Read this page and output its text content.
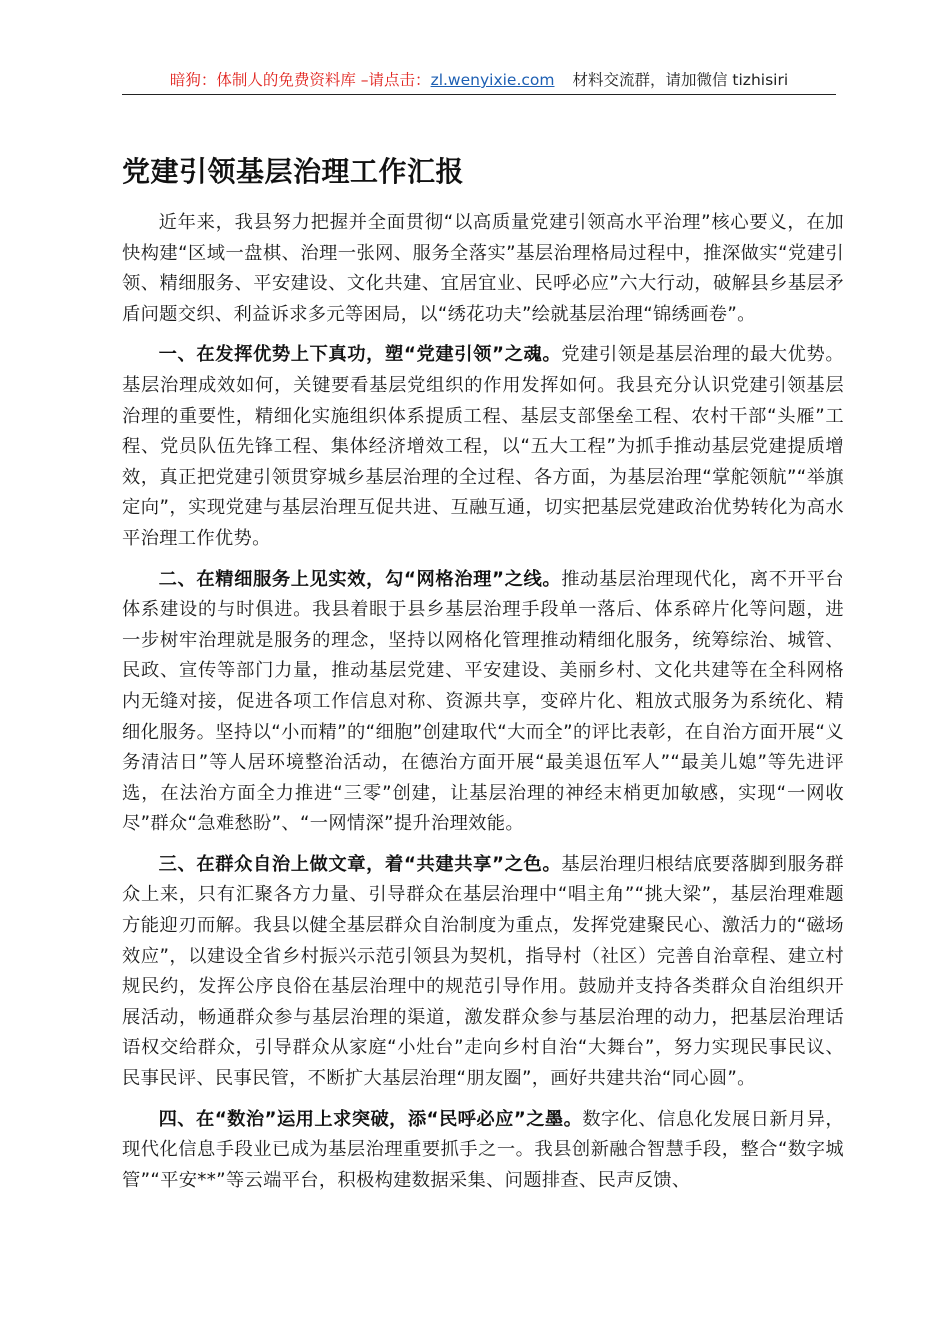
暗狗：体制人的免费资料库 –请点击：zl.wenyixie.com 材料交流群，请加微信 tizhisiri
党建引领基层治理工作汇报

近年来，我县努力把握并全面贯彻“以高质量党建引领高水平治理”核心要义，在加快构建“区域一盘棋、治理一张网、服务全落实”基层治理格局过程中，推深做实“党建引领、精细服务、平安建设、文化共建、宜居宜业、民呼必应”六大行动，破解县乡基层矛盾问题交织、利益诉求多元等困局，以“绣花功夫”绘就基层治理“锦绣画卷”。

一、在发挥优势上下真功，塑“党建引领”之魂。党建引领是基层治理的最大优势。基层治理成效如何，关键要看基层党组织的作用发挥如何。我县充分认识党建引领基层治理的重要性，精细化实施组织体系提质工程、基层支部堡垒工程、农村干部“头雁”工程、党员队伍先锋工程、集体经济增效工程，以“五大工程”为抓手推动基层党建提质增效，真正把党建引领贯穿城乡基层治理的全过程、各方面，为基层治理“掌舵领航”“举旗定向”，实现党建与基层治理互促共进、互融互通，切实把基层党建政治优势转化为高水平治理工作优势。

二、在精细服务上见实效，勾“网格治理”之线。推动基层治理现代化，离不开平台体系建设的与时俱进。我县着眼于县乡基层治理手段单一落后、体系碎片化等问题，进一步树牢治理就是服务的理念，坚持以网格化管理推动精细化服务，统筹综治、城管、民政、宣传等部门力量，推动基层党建、平安建设、美丽乡村、文化共建等在全科网格内无缝对接，促进各项工作信息对称、资源共享，变碎片化、粗放式服务为系统化、精细化服务。坚持以“小而精”的“细胞”创建取代“大而全”的评比表彰，在自治方面开展“义务清洁日”等人居环境整治活动，在德治方面开展“最美退伍军人”“最美儿媳”等先进评选，在法治方面全力推进“三零”创建，让基层治理的神经末梢更加敏感，实现“一网收尽”群众“急难愁盼”、“一网情深”提升治理效能。

三、在群众自治上做文章，着“共建共享”之色。基层治理归根结底要落脚到服务群众上来，只有汇聚各方力量、引导群众在基层治理中“唱主角”“挑大梁”，基层治理难题方能迎刃而解。我县以健全基层群众自治制度为重点，发挥党建聚民心、激活力的“磁场效应”，以建设全省乡村振兴示范引领县为契机，指导村（社区）完善自治章程、建立村规民约，发挥公序良俗在基层治理中的规范引导作用。鼓励并支持各类群众自治组织开展活动，畅通群众参与基层治理的渠道，激发群众参与基层治理的动力，把基层治理话语权交给群众，引导群众从家庭“小灶台”走向乡村自治“大舞台”，努力实现民事民议、民事民评、民事民管，不断扩大基层治理“朋友圈”，画好共建共治“同心圆”。

四、在“数治”运用上求突破，添“民呼必应”之墨。数字化、信息化发展日新月异，现代化信息手段业已成为基层治理重要抓手之一。我县创新融合智慧手段，整合“数字城管”“平安**”等云端平台，积极构建数据采集、问题排查、民声反馈、
